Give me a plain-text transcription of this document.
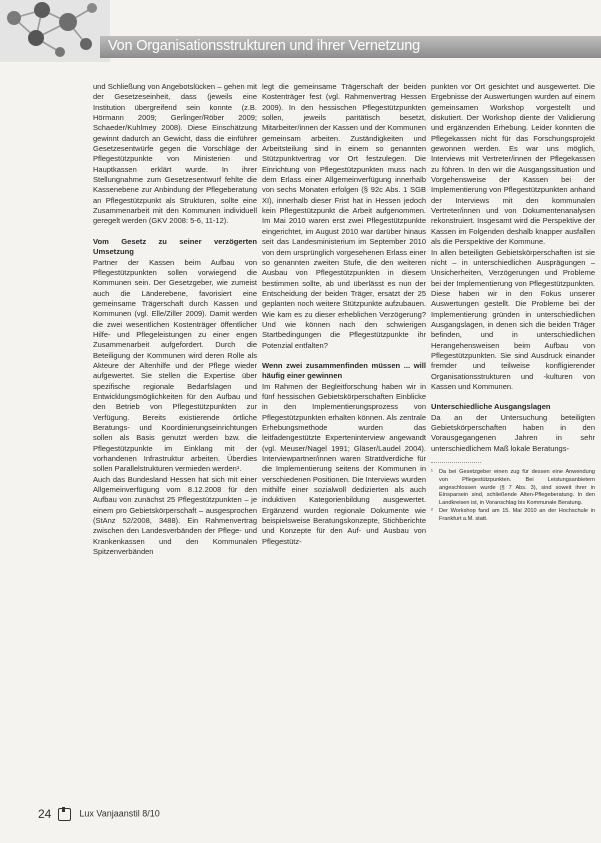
Von Organisationsstrukturen und ihrer Vernetzung

und Schließung von Angebotslücken – gehen mit der Gesetzeseinheit, dass (jeweils eine Institution übergreifend sein konnte (z.B. Hörmann 2009; Gerlinger/Röber 2009; Schaeder/Kuhlmey 2008). Diese Einschätzung gewinnt dadurch an Gewicht, dass die einführer Gesetzesentwürfe gegen die Vorschläge der Pflegestützpunkte von Ministerien und Hauptkassen erklärt wurde. In ihrer Stellungnahme zum Gesetzesentwurf fehlte die Kassenebene zur Anbindung der Pflegeberatung an Pflegestützpunkt als Strukturen, sollte eine Zusammenarbeit mit den Kommunen individuell geregelt werden (GKV 2008: 5-6, 11-12).

Vom Gesetz zu seiner verzögerten Umsetzung

Partner der Kassen beim Aufbau von Pflegestützpunkten sollen vorwiegend die Kommunen sein. Der Gesetzgeber, wie zumeist auch die Länderebene, favorisiert eine gemeinsame Trägerschaft durch Kassen und Kommunen (vgl. Elle/Ziller 2009). Damit werden die zwei wesentlichen Kostenträger öffentlicher Hilfe- und Pflegeleistungen zu einer engen Zusammenarbeit aufgefordert. Durch die Beteiligung der Kommunen wird deren Rolle als Akteure der Altenhilfe und der Pflege wieder aufgewertet. Sie stellen die Expertise über spezifische regionale Bedarfslagen und Entwicklungsmöglichkeiten für den Aufbau und den Betrieb von Pflegestützpunkten zur Verfügung. Bereits existierende örtliche Beratungs- und Koordinierungseinrichtungen sollen als Basis genutzt werden bzw. die Pflegestützpunkte im Einklang mit der vorhandenen Infrastruktur arbeiten. Überdies sollen Parallelstrukturen vermieden werden¹.

Auch das Bundesland Hessen hat sich mit einer Allgemeinverfügung vom 8.12.2008 für den Aufbau von zunächst 25 Pflegestützpunkten – je einem pro Gebietskörperschaft – ausgesprochen (StAnz 52/2008, 3488). Ein Rahmenvertrag zwischen den Landesverbänden der Pflege- und Krankenkassen und den Kommunalen Spitzenverbänden

legt die gemeinsame Trägerschaft der beiden Kostenträger fest (vgl. Rahmenvertrag Hessen 2009). In den hessischen Pflegestützpunkten sollen, jeweils paritätisch besetzt, Mitarbeiter/innen der Kassen und der Kommunen gemeinsam arbeiten. Zuständigkeiten und Arbeitsteilung sind in einem so genannten Stützpunktvertrag vor Ort festzulegen. Die Einrichtung von Pflegestützpunkten muss nach dem Erlass einer Allgemeinverfügung innerhalb von sechs Monaten erfolgen (§ 92c Abs. 1 SGB XI), innerhalb dieser Frist hat in Hessen jedoch kein Pflegestützpunkt die Arbeit aufgenommen. Im Mai 2010 waren erst zwei Pflegestützpunkte eingerichtet, im August 2010 war darüber hinaus seit das Landesministerium im September 2010 von dem ursprünglich vorgesehenen Erlass einer so genannten zweiten Stufe, die den weiteren Ausbau von Pflegestützpunkten in diesem bestimmen sollte, ab und überlässt es nun der Entscheidung der beiden Träger, ersatzt der 25 geplanten noch weitere Stützpunkte aufzubauen. Wie kam es zu dieser erheblichen Verzögerung? Und wie können nach den schwierigen Startbedingungen die Pflegestützpunkte ihr Potenzial entfalten?

Wenn zwei zusammenfinden müssen ... will häufig einer gewinnen

Im Rahmen der Begleitforschung haben wir in fünf hessischen Gebietskörperschaften Einblicke in den Implementierungsprozess von Pflegestützpunkten erhalten können. Als zentrale Erhebungsmethode wurden das leitfadengestützte Experteninterview angewandt (vgl. Meuser/Nagel 1991; Gläser/Laudel 2004). Interviewpartner/innen waren Stratdverdiche für die Implementierung seitens der Kommunen in verschiedenen Positionen. Die Interviews wurden mithilfe einer sozialwoll dedizierten als auch induktiven Kategorienbildung ausgewertet. Ergänzend wurden regionale Dokumente wie beispielsweise Beratungskonzepte, Stichberichte und Konzepte für den Auf- und Ausbau von Pflegestütz-

punkten vor Ort gesichtet und ausgewertet. Die Ergebnisse der Auswertungen wurden auf einem gemeinsamen Workshop vorgestellt und diskutiert. Der Workshop diente der Validierung und ergänzenden Erhebung. Leider konnten die Pflegekassen nicht für das Forschungsprojekt gewonnen werden. Es war uns möglich, Interviews mit Vertreter/innen der Pflegekassen zu führen. In den wir die Ausgangssituation und Vorgehensweise der Kassen bei der Implementierung von Pflegestützpunkten anhand der Interviews mit den kommunalen Vertreter/innen und von Dokumentenanalysen rekonstruiert. Insgesamt wird die Perspektive der Kassen im Folgenden deshalb knapper ausfallen als die Perspektive der Kommune.

In allen beteiligten Gebietskörperschaften ist sie nicht – in unterschiedlichen Ausprägungen – Unsicherheiten, Verzögerungen und Probleme bei der Implementierung von Pflegestützpunkten. Diese haben wir in den Fokus unserer Auswertungen gestellt. Die Probleme bei der Implementierung gründen in unterschiedlichen Ausgangslagen, in denen sich die beiden Träger befinden, und in unterschiedlichen Herangehensweisen beim Aufbau von Pflegestützpunkten. Sie sind Ausdruck einander fremder und teilweise konfligierender Organisationsstrukturen und -kulturen von Kassen und Kommunen.

Unterschiedliche Ausgangslagen

Da an der Untersuchung beteiligten Gebietskörperschaften haben in den Vorausgegangenen Jahren in sehr unterschiedlichem Maß lokale Beratungs-

¹ Da bei Gesetzgeber einen zug für dessen eine Anwendung von Pflegestützpunkten. Bei Leistungsanbietern angeschlossen wurde (§ 7 Abs. 3), sind soweit ihrer in Einsparsein sind, schließende Alten-Pflegeberatung. In den Landkreisen ist, in Voranschlag bis Kommunale Beratung.

² Der Workshop fand am 15. Mai 2010 an der Hochschule in Frankfurt a.M. statt.

24	Lux Vanjaanstil 8/10
